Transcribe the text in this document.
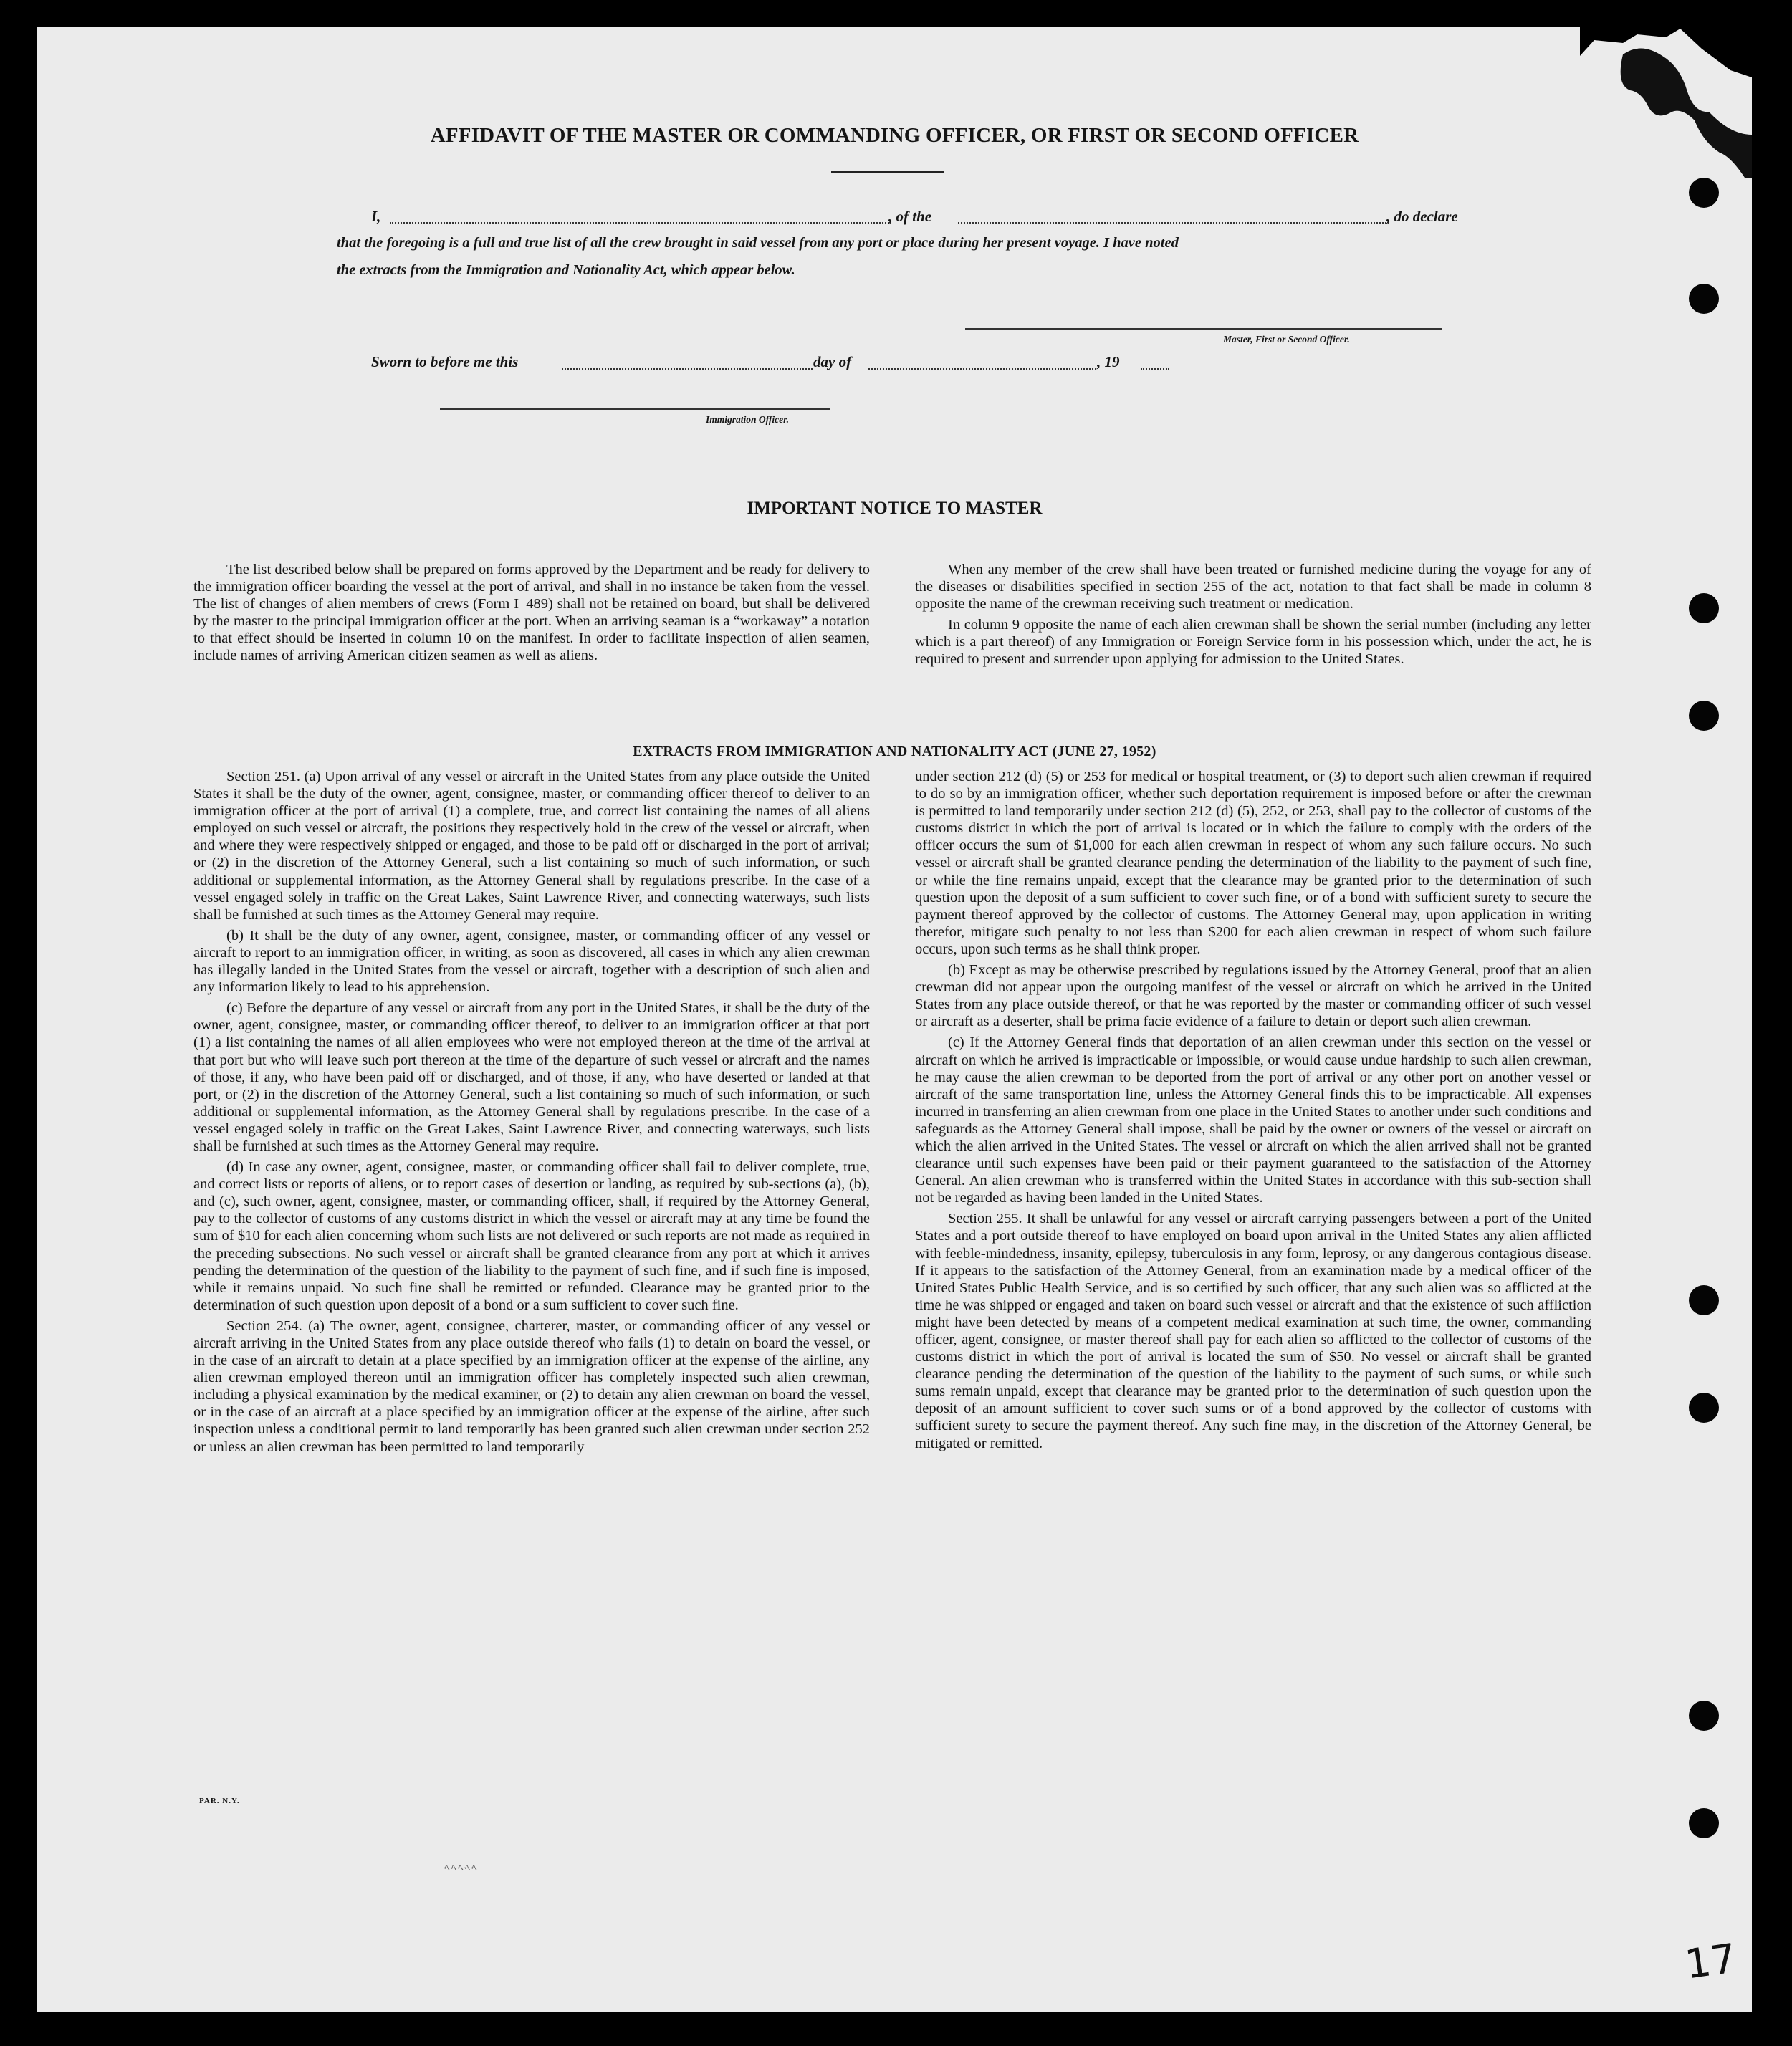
AFFIDAVIT OF THE MASTER OR COMMANDING OFFICER, OR FIRST OR SECOND OFFICER
I,	, of the	, do declare
that the foregoing is a full and true list of all the crew brought in said vessel from any port or place during her present voyage. I have noted
the extracts from the Immigration and Nationality Act, which appear below.
Master, First or Second Officer.
Sworn to before me this	day of	, 19
Immigration Officer.
IMPORTANT NOTICE TO MASTER

The list described below shall be prepared on forms approved by the Department and be ready for delivery to the immigration officer boarding the vessel at the port of arrival, and shall in no instance be taken from the vessel. The list of changes of alien members of crews (Form I–489) shall not be retained on board, but shall be delivered by the master to the principal immigration officer at the port. When an arriving seaman is a “workaway” a notation to that effect should be inserted in column 10 on the manifest. In order to facilitate inspection of alien seamen, include names of arriving American citizen seamen as well as aliens.

When any member of the crew shall have been treated or furnished medicine during the voyage for any of the diseases or disabilities specified in section 255 of the act, notation to that fact shall be made in column 8 opposite the name of the crewman receiving such treatment or medication.

In column 9 opposite the name of each alien crewman shall be shown the serial number (including any letter which is a part thereof) of any Immigration or Foreign Service form in his possession which, under the act, he is required to present and surrender upon applying for admission to the United States.

EXTRACTS FROM IMMIGRATION AND NATIONALITY ACT (JUNE 27, 1952)

Section 251. (a) Upon arrival of any vessel or aircraft in the United States from any place outside the United States it shall be the duty of the owner, agent, consignee, master, or commanding officer thereof to deliver to an immigration officer at the port of arrival (1) a complete, true, and correct list containing the names of all aliens employed on such vessel or aircraft, the positions they respectively hold in the crew of the vessel or aircraft, when and where they were respectively shipped or engaged, and those to be paid off or discharged in the port of arrival; or (2) in the discretion of the Attorney General, such a list containing so much of such information, or such additional or supplemental information, as the Attorney General shall by regulations prescribe. In the case of a vessel engaged solely in traffic on the Great Lakes, Saint Lawrence River, and connecting waterways, such lists shall be furnished at such times as the Attorney General may require.

(b) It shall be the duty of any owner, agent, consignee, master, or commanding officer of any vessel or aircraft to report to an immigration officer, in writing, as soon as discovered, all cases in which any alien crewman has illegally landed in the United States from the vessel or aircraft, together with a description of such alien and any information likely to lead to his apprehension.

(c) Before the departure of any vessel or aircraft from any port in the United States, it shall be the duty of the owner, agent, consignee, master, or commanding officer thereof, to deliver to an immigration officer at that port (1) a list containing the names of all alien employees who were not employed thereon at the time of the arrival at that port but who will leave such port thereon at the time of the departure of such vessel or aircraft and the names of those, if any, who have been paid off or discharged, and of those, if any, who have deserted or landed at that port, or (2) in the discretion of the Attorney General, such a list containing so much of such information, or such additional or supplemental information, as the Attorney General shall by regulations prescribe. In the case of a vessel engaged solely in traffic on the Great Lakes, Saint Lawrence River, and connecting waterways, such lists shall be furnished at such times as the Attorney General may require.

(d) In case any owner, agent, consignee, master, or commanding officer shall fail to deliver complete, true, and correct lists or reports of aliens, or to report cases of desertion or landing, as required by sub-sections (a), (b), and (c), such owner, agent, consignee, master, or commanding officer, shall, if required by the Attorney General, pay to the collector of customs of any customs district in which the vessel or aircraft may at any time be found the sum of $10 for each alien concerning whom such lists are not delivered or such reports are not made as required in the preceding subsections. No such vessel or aircraft shall be granted clearance from any port at which it arrives pending the determination of the question of the liability to the payment of such fine, and if such fine is imposed, while it remains unpaid. No such fine shall be remitted or refunded. Clearance may be granted prior to the determination of such question upon deposit of a bond or a sum sufficient to cover such fine.

Section 254. (a) The owner, agent, consignee, charterer, master, or commanding officer of any vessel or aircraft arriving in the United States from any place outside thereof who fails (1) to detain on board the vessel, or in the case of an aircraft to detain at a place specified by an immigration officer at the expense of the airline, any alien crewman employed thereon until an immigration officer has completely inspected such alien crewman, including a physical examination by the medical examiner, or (2) to detain any alien crewman on board the vessel, or in the case of an aircraft at a place specified by an immigration officer at the expense of the airline, after such inspection unless a conditional permit to land temporarily has been granted such alien crewman under section 252 or unless an alien crewman has been permitted to land temporarily

under section 212 (d) (5) or 253 for medical or hospital treatment, or (3) to deport such alien crewman if required to do so by an immigration officer, whether such deportation requirement is imposed before or after the crewman is permitted to land temporarily under section 212 (d) (5), 252, or 253, shall pay to the collector of customs of the customs district in which the port of arrival is located or in which the failure to comply with the orders of the officer occurs the sum of $1,000 for each alien crewman in respect of whom any such failure occurs. No such vessel or aircraft shall be granted clearance pending the determination of the liability to the payment of such fine, or while the fine remains unpaid, except that the clearance may be granted prior to the determination of such question upon the deposit of a sum sufficient to cover such fine, or of a bond with sufficient surety to secure the payment thereof approved by the collector of customs. The Attorney General may, upon application in writing therefor, mitigate such penalty to not less than $200 for each alien crewman in respect of whom such failure occurs, upon such terms as he shall think proper.

(b) Except as may be otherwise prescribed by regulations issued by the Attorney General, proof that an alien crewman did not appear upon the outgoing manifest of the vessel or aircraft on which he arrived in the United States from any place outside thereof, or that he was reported by the master or commanding officer of such vessel or aircraft as a deserter, shall be prima facie evidence of a failure to detain or deport such alien crewman.

(c) If the Attorney General finds that deportation of an alien crewman under this section on the vessel or aircraft on which he arrived is impracticable or impossible, or would cause undue hardship to such alien crewman, he may cause the alien crewman to be deported from the port of arrival or any other port on another vessel or aircraft of the same transportation line, unless the Attorney General finds this to be impracticable. All expenses incurred in transferring an alien crewman from one place in the United States to another under such conditions and safeguards as the Attorney General shall impose, shall be paid by the owner or owners of the vessel or aircraft on which the alien arrived in the United States. The vessel or aircraft on which the alien arrived shall not be granted clearance until such expenses have been paid or their payment guaranteed to the satisfaction of the Attorney General. An alien crewman who is transferred within the United States in accordance with this sub-section shall not be regarded as having been landed in the United States.

Section 255. It shall be unlawful for any vessel or aircraft carrying passengers between a port of the United States and a port outside thereof to have employed on board upon arrival in the United States any alien afflicted with feeble-mindedness, insanity, epilepsy, tuberculosis in any form, leprosy, or any dangerous contagious disease. If it appears to the satisfaction of the Attorney General, from an examination made by a medical officer of the United States Public Health Service, and is so certified by such officer, that any such alien was so afflicted at the time he was shipped or engaged and taken on board such vessel or aircraft and that the existence of such affliction might have been detected by means of a competent medical examination at such time, the owner, commanding officer, agent, consignee, or master thereof shall pay for each alien so afflicted to the collector of customs of the customs district in which the port of arrival is located the sum of $50. No vessel or aircraft shall be granted clearance pending the determination of the question of the liability to the payment of such sums, or while such sums remain unpaid, except that clearance may be granted prior to the determination of such question upon the deposit of an amount sufficient to cover such sums or of a bond approved by the collector of customs with sufficient surety to secure the payment thereof. Any such fine may, in the discretion of the Attorney General, be mitigated or remitted.

PAR. N.Y.
ﾍﾍﾍﾍﾍ
17
